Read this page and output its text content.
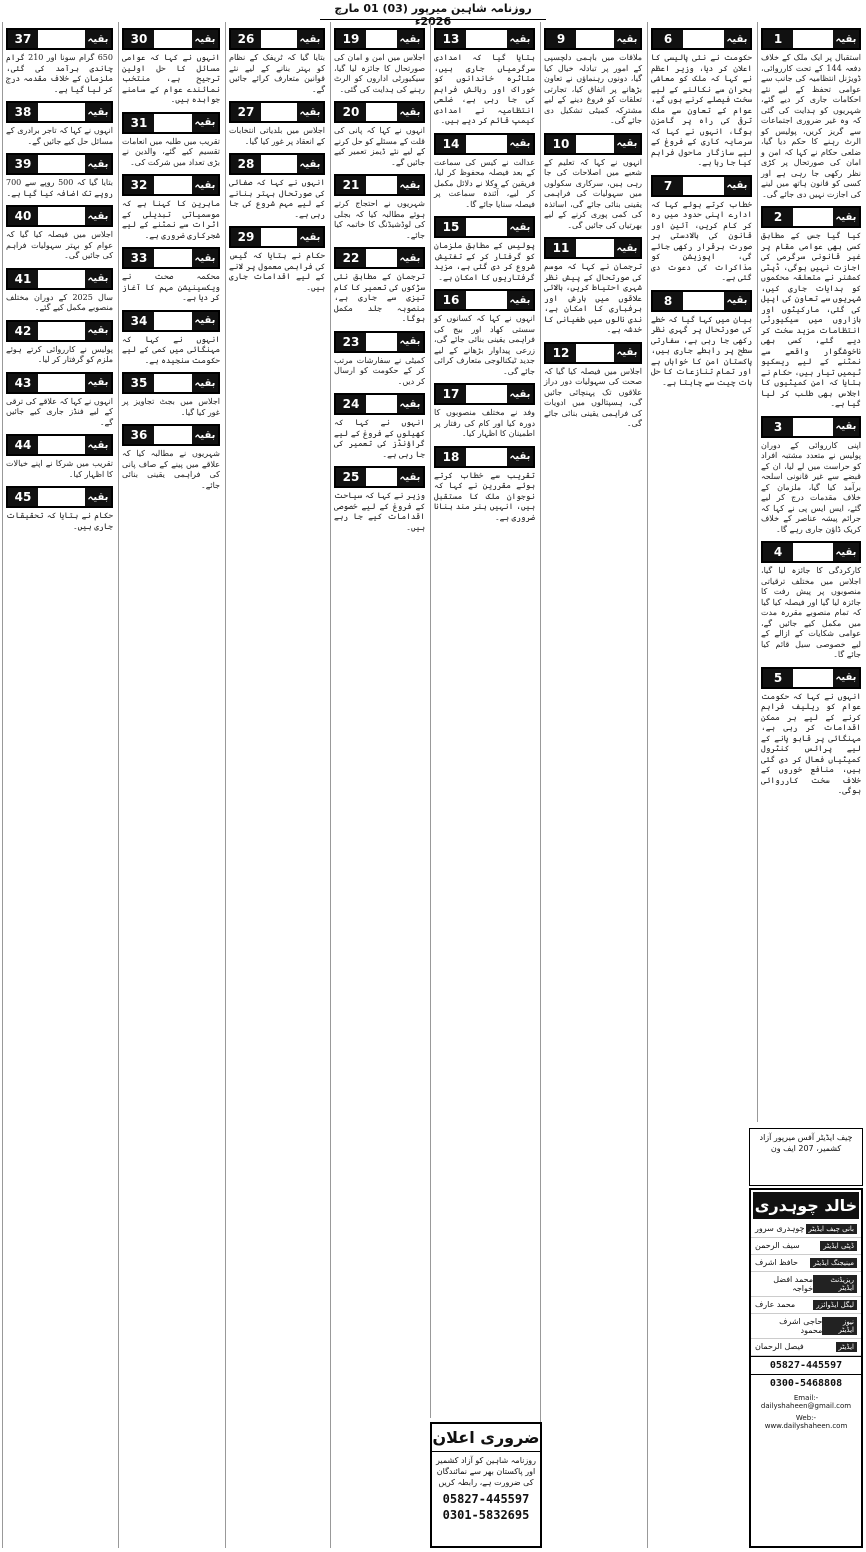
روزنامہ شاہین میرپور (03) 01 مارچ 2026ء
1	بقیہ
استقبال پر ایک ملک کے خلاف دفعہ 144 کے تحت کارروائی، ڈویژنل انتظامیہ کی جانب سے عوامی تحفظ کے لیے نئے احکامات جاری کر دیے گئے، شہریوں کو ہدایت کی گئی کہ وہ غیر ضروری اجتماعات سے گریز کریں، پولیس کو الرٹ رہنے کا حکم دیا گیا، ضلعی حکام نے کہا کہ امن و امان کی صورتحال پر کڑی نظر رکھی جا رہی ہے اور کسی کو قانون ہاتھ میں لینے کی اجازت نہیں دی جائے گی۔
2	بقیہ
کیا گیا جس کے مطابق کسی بھی عوامی مقام پر غیر قانونی سرگرمی کی اجازت نہیں ہوگی، ڈپٹی کمشنر نے متعلقہ محکموں کو ہدایات جاری کیں، شہریوں سے تعاون کی اپیل کی گئی، مارکیٹوں اور بازاروں میں سیکیورٹی انتظامات مزید سخت کر دیے گئے، کسی بھی ناخوشگوار واقعے سے نمٹنے کے لیے ریسکیو ٹیمیں تیار ہیں، حکام نے بتایا کہ امن کمیٹیوں کا اجلاس بھی طلب کر لیا گیا ہے۔
3	بقیہ
اپنی کارروائی کے دوران پولیس نے متعدد مشتبہ افراد کو حراست میں لے لیا، ان کے قبضے سے غیر قانونی اسلحہ برآمد کیا گیا، ملزمان کے خلاف مقدمات درج کر لیے گئے، ایس ایس پی نے کہا کہ جرائم پیشہ عناصر کے خلاف کریک ڈاؤن جاری رہے گا۔
4	بقیہ
کارکردگی کا جائزہ لیا گیا، اجلاس میں مختلف ترقیاتی منصوبوں پر پیش رفت کا جائزہ لیا گیا اور فیصلہ کیا گیا کہ تمام منصوبے مقررہ مدت میں مکمل کیے جائیں گے، عوامی شکایات کے ازالے کے لیے خصوصی سیل قائم کیا جائے گا۔
5	بقیہ
انہوں نے کہا کہ حکومت عوام کو ریلیف فراہم کرنے کے لیے ہر ممکن اقدامات کر رہی ہے، مہنگائی پر قابو پانے کے لیے پرائس کنٹرول کمیٹیاں فعال کر دی گئی ہیں، منافع خوروں کے خلاف سخت کارروائی ہوگی۔
6	بقیہ
حکومت نے نئی پالیسی کا اعلان کر دیا، وزیر اعظم نے کہا کہ ملک کو معاشی بحران سے نکالنے کے لیے سخت فیصلے کرنے ہوں گے، عوام کے تعاون سے ملک ترقی کی راہ پر گامزن ہوگا، انہوں نے کہا کہ سرمایہ کاری کے فروغ کے لیے سازگار ماحول فراہم کیا جا رہا ہے۔
7	بقیہ
خطاب کرتے ہوئے کہا کہ ادارے اپنی حدود میں رہ کر کام کریں، آئین اور قانون کی بالادستی ہر صورت برقرار رکھی جائے گی، اپوزیشن کو مذاکرات کی دعوت دی گئی ہے۔
8	بقیہ
بیان میں کہا گیا کہ خطے کی صورتحال پر گہری نظر رکھی جا رہی ہے، سفارتی سطح پر رابطے جاری ہیں، پاکستان امن کا خواہاں ہے اور تمام تنازعات کا حل بات چیت سے چاہتا ہے۔
9	بقیہ
ملاقات میں باہمی دلچسپی کے امور پر تبادلہ خیال کیا گیا، دونوں رہنماؤں نے تعاون بڑھانے پر اتفاق کیا، تجارتی تعلقات کو فروغ دینے کے لیے مشترکہ کمیٹی تشکیل دی جائے گی۔
10	بقیہ
انہوں نے کہا کہ تعلیم کے شعبے میں اصلاحات کی جا رہی ہیں، سرکاری سکولوں میں سہولیات کی فراہمی یقینی بنائی جائے گی، اساتذہ کی کمی پوری کرنے کے لیے بھرتیاں کی جائیں گی۔
11	بقیہ
ترجمان نے کہا کہ موسم کی صورتحال کے پیش نظر شہری احتیاط کریں، بالائی علاقوں میں بارش اور برفباری کا امکان ہے، ندی نالوں میں طغیانی کا خدشہ ہے۔
12	بقیہ
اجلاس میں فیصلہ کیا گیا کہ صحت کی سہولیات دور دراز علاقوں تک پہنچائی جائیں گی، ہسپتالوں میں ادویات کی فراہمی یقینی بنائی جائے گی۔
13	بقیہ
بتایا گیا کہ امدادی سرگرمیاں جاری ہیں، متاثرہ خاندانوں کو خوراک اور رہائش فراہم کی جا رہی ہے، ضلعی انتظامیہ نے امدادی کیمپ قائم کر دیے ہیں۔
14	بقیہ
عدالت نے کیس کی سماعت کے بعد فیصلہ محفوظ کر لیا، فریقین کے وکلا نے دلائل مکمل کر لیے، آئندہ سماعت پر فیصلہ سنایا جائے گا۔
15	بقیہ
پولیس کے مطابق ملزمان کو گرفتار کر کے تفتیش شروع کر دی گئی ہے، مزید گرفتاریوں کا امکان ہے۔
16	بقیہ
انہوں نے کہا کہ کسانوں کو سستی کھاد اور بیج کی فراہمی یقینی بنائی جائے گی، زرعی پیداوار بڑھانے کے لیے جدید ٹیکنالوجی متعارف کرائی جائے گی۔
17	بقیہ
وفد نے مختلف منصوبوں کا دورہ کیا اور کام کی رفتار پر اطمینان کا اظہار کیا۔
18	بقیہ
تقریب سے خطاب کرتے ہوئے مقررین نے کہا کہ نوجوان ملک کا مستقبل ہیں، انہیں ہنر مند بنانا ضروری ہے۔
19	بقیہ
اجلاس میں امن و امان کی صورتحال کا جائزہ لیا گیا، سیکیورٹی اداروں کو الرٹ رہنے کی ہدایت کی گئی۔
20	بقیہ
انہوں نے کہا کہ پانی کی قلت کے مسئلے کو حل کرنے کے لیے نئے ڈیمز تعمیر کیے جائیں گے۔
21	بقیہ
شہریوں نے احتجاج کرتے ہوئے مطالبہ کیا کہ بجلی کی لوڈشیڈنگ کا خاتمہ کیا جائے۔
22	بقیہ
ترجمان کے مطابق نئی سڑکوں کی تعمیر کا کام تیزی سے جاری ہے، منصوبہ جلد مکمل ہوگا۔
23	بقیہ
کمیٹی نے سفارشات مرتب کر کے حکومت کو ارسال کر دیں۔
24	بقیہ
انہوں نے کہا کہ کھیلوں کے فروغ کے لیے گراؤنڈز کی تعمیر کی جا رہی ہے۔
25	بقیہ
وزیر نے کہا کہ سیاحت کے فروغ کے لیے خصوصی اقدامات کیے جا رہے ہیں۔
26	بقیہ
بتایا گیا کہ ٹریفک کے نظام کو بہتر بنانے کے لیے نئے قوانین متعارف کرائے جائیں گے۔
27	بقیہ
اجلاس میں بلدیاتی انتخابات کے انعقاد پر غور کیا گیا۔
28	بقیہ
انہوں نے کہا کہ صفائی کی صورتحال بہتر بنانے کے لیے مہم شروع کی جا رہی ہے۔
29	بقیہ
حکام نے بتایا کہ گیس کی فراہمی معمول پر لانے کے لیے اقدامات جاری ہیں۔
30	بقیہ
انہوں نے کہا کہ عوامی مسائل کا حل اولین ترجیح ہے، منتخب نمائندے عوام کے سامنے جوابدہ ہیں۔
31	بقیہ
تقریب میں طلبہ میں انعامات تقسیم کیے گئے، والدین نے بڑی تعداد میں شرکت کی۔
32	بقیہ
ماہرین کا کہنا ہے کہ موسمیاتی تبدیلی کے اثرات سے نمٹنے کے لیے شجرکاری ضروری ہے۔
33	بقیہ
محکمہ صحت نے ویکسینیشن مہم کا آغاز کر دیا ہے۔
34	بقیہ
انہوں نے کہا کہ مہنگائی میں کمی کے لیے حکومت سنجیدہ ہے۔
35	بقیہ
اجلاس میں بجٹ تجاویز پر غور کیا گیا۔
36	بقیہ
شہریوں نے مطالبہ کیا کہ علاقے میں پینے کے صاف پانی کی فراہمی یقینی بنائی جائے۔
37	بقیہ
650 گرام سونا اور 210 گرام چاندی برآمد کی گئی، ملزمان کے خلاف مقدمہ درج کر لیا گیا ہے۔
38	بقیہ
انہوں نے کہا کہ تاجر برادری کے مسائل حل کیے جائیں گے۔
39	بقیہ
بتایا گیا کہ 500 روپے سے 700 روپے تک اضافہ کیا گیا ہے۔
40	بقیہ
اجلاس میں فیصلہ کیا گیا کہ عوام کو بہتر سہولیات فراہم کی جائیں گی۔
41	بقیہ
سال 2025 کے دوران مختلف منصوبے مکمل کیے گئے۔
42	بقیہ
پولیس نے کارروائی کرتے ہوئے ملزم کو گرفتار کر لیا۔
43	بقیہ
انہوں نے کہا کہ علاقے کی ترقی کے لیے فنڈز جاری کیے جائیں گے۔
44	بقیہ
تقریب میں شرکا نے اپنے خیالات کا اظہار کیا۔
45	بقیہ
حکام نے بتایا کہ تحقیقات جاری ہیں۔
چیف ایڈیٹر آفس میرپور آزاد کشمیر، 207 ایف ون
خالد چوہدری
بانی چیف ایڈیٹر
چوہدری سرور
ڈپٹی ایڈیٹر
سیف الرحمن
مینیجنگ ایڈیٹر
حافظ اشرف
ریزیڈنٹ ایڈیٹر
محمد افضل خواجہ
لیگل ایڈوائزر
محمد عارف
نیوز ایڈیٹر
حاجی اشرف محمود
ایڈیٹر
فیصل الرحمان
05827-445597
0300-5468808
Email:-dailyshaheen@gmail.com
Web:-www.dailyshaheen.com
ضروری اعلان
روزنامہ شاہین کو آزاد کشمیر اور پاکستان بھر سے نمائندگان کی ضرورت ہے، رابطہ کریں
05827-445597
0301-5832695
